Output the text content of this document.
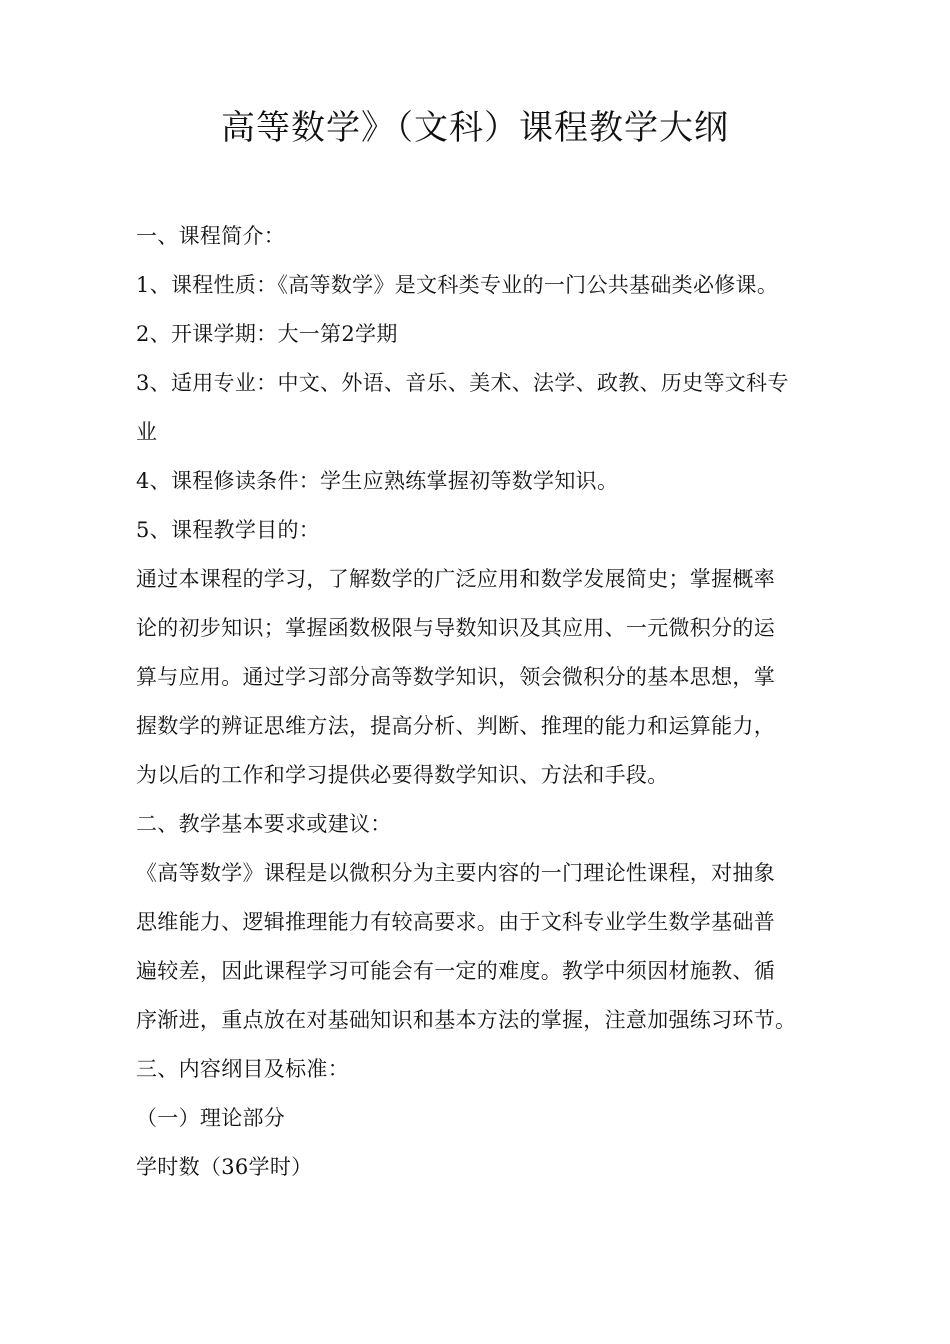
高等数学》（文科）课程教学大纲
一、课程简介：
1、课程性质：《高等数学》是文科类专业的一门公共基础类必修课。
2、开课学期：大一第2学期
3、适用专业：中文、外语、音乐、美术、法学、政教、历史等文科专
业
4、课程修读条件：学生应熟练掌握初等数学知识。
5、课程教学目的：
通过本课程的学习，了解数学的广泛应用和数学发展简史；掌握概率
论的初步知识；掌握函数极限与导数知识及其应用、一元微积分的运
算与应用。通过学习部分高等数学知识，领会微积分的基本思想，掌
握数学的辨证思维方法，提高分析、判断、推理的能力和运算能力，
为以后的工作和学习提供必要得数学知识、方法和手段。
二、教学基本要求或建议：
《高等数学》课程是以微积分为主要内容的一门理论性课程，对抽象
思维能力、逻辑推理能力有较高要求。由于文科专业学生数学基础普
遍较差，因此课程学习可能会有一定的难度。教学中须因材施教、循
序渐进，重点放在对基础知识和基本方法的掌握，注意加强练习环节。
三、内容纲目及标准：
（一）理论部分
学时数（36学时）
